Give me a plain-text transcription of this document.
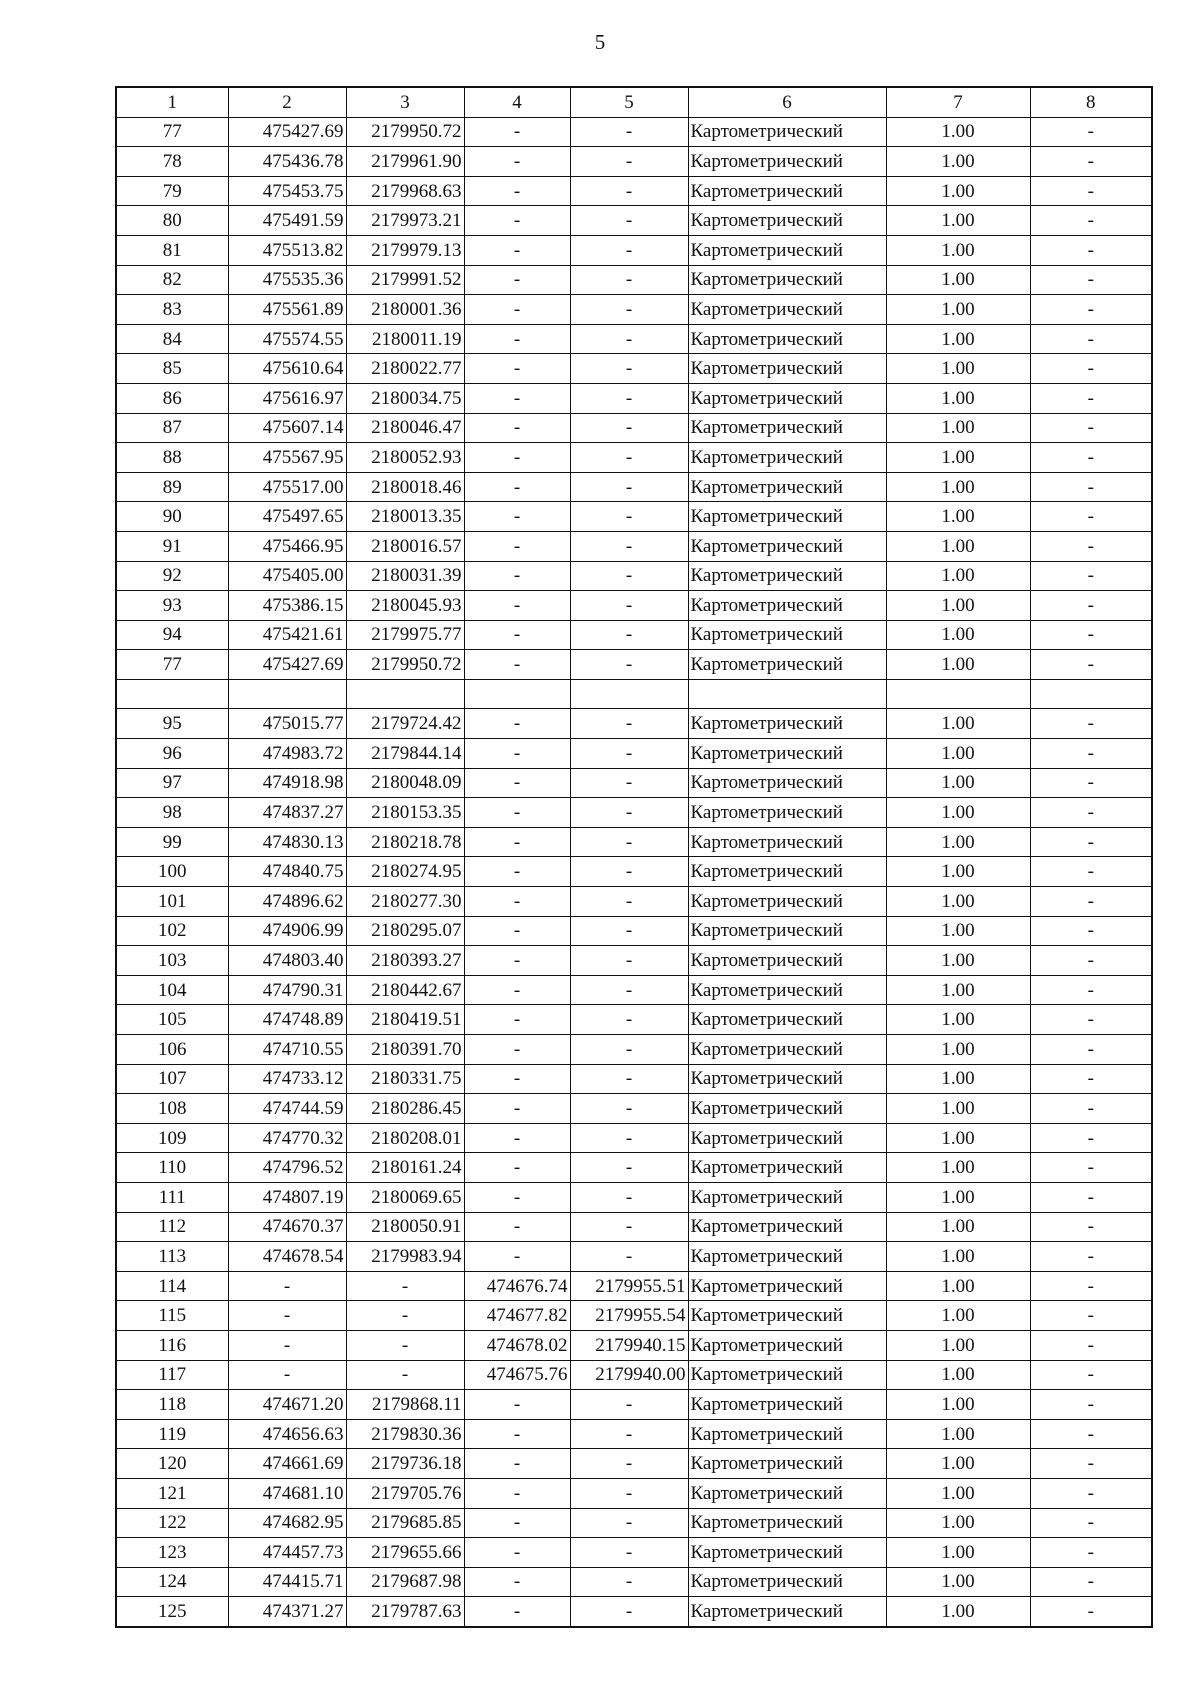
5
1	2	3	4	5	6	7	8
77	475427.69	2179950.72	-	-	Картометрический	1.00	-
78	475436.78	2179961.90	-	-	Картометрический	1.00	-
79	475453.75	2179968.63	-	-	Картометрический	1.00	-
80	475491.59	2179973.21	-	-	Картометрический	1.00	-
81	475513.82	2179979.13	-	-	Картометрический	1.00	-
82	475535.36	2179991.52	-	-	Картометрический	1.00	-
83	475561.89	2180001.36	-	-	Картометрический	1.00	-
84	475574.55	2180011.19	-	-	Картометрический	1.00	-
85	475610.64	2180022.77	-	-	Картометрический	1.00	-
86	475616.97	2180034.75	-	-	Картометрический	1.00	-
87	475607.14	2180046.47	-	-	Картометрический	1.00	-
88	475567.95	2180052.93	-	-	Картометрический	1.00	-
89	475517.00	2180018.46	-	-	Картометрический	1.00	-
90	475497.65	2180013.35	-	-	Картометрический	1.00	-
91	475466.95	2180016.57	-	-	Картометрический	1.00	-
92	475405.00	2180031.39	-	-	Картометрический	1.00	-
93	475386.15	2180045.93	-	-	Картометрический	1.00	-
94	475421.61	2179975.77	-	-	Картометрический	1.00	-
77	475427.69	2179950.72	-	-	Картометрический	1.00	-

95	475015.77	2179724.42	-	-	Картометрический	1.00	-
96	474983.72	2179844.14	-	-	Картометрический	1.00	-
97	474918.98	2180048.09	-	-	Картометрический	1.00	-
98	474837.27	2180153.35	-	-	Картометрический	1.00	-
99	474830.13	2180218.78	-	-	Картометрический	1.00	-
100	474840.75	2180274.95	-	-	Картометрический	1.00	-
101	474896.62	2180277.30	-	-	Картометрический	1.00	-
102	474906.99	2180295.07	-	-	Картометрический	1.00	-
103	474803.40	2180393.27	-	-	Картометрический	1.00	-
104	474790.31	2180442.67	-	-	Картометрический	1.00	-
105	474748.89	2180419.51	-	-	Картометрический	1.00	-
106	474710.55	2180391.70	-	-	Картометрический	1.00	-
107	474733.12	2180331.75	-	-	Картометрический	1.00	-
108	474744.59	2180286.45	-	-	Картометрический	1.00	-
109	474770.32	2180208.01	-	-	Картометрический	1.00	-
110	474796.52	2180161.24	-	-	Картометрический	1.00	-
111	474807.19	2180069.65	-	-	Картометрический	1.00	-
112	474670.37	2180050.91	-	-	Картометрический	1.00	-
113	474678.54	2179983.94	-	-	Картометрический	1.00	-
114	-	-	474676.74	2179955.51	Картометрический	1.00	-
115	-	-	474677.82	2179955.54	Картометрический	1.00	-
116	-	-	474678.02	2179940.15	Картометрический	1.00	-
117	-	-	474675.76	2179940.00	Картометрический	1.00	-
118	474671.20	2179868.11	-	-	Картометрический	1.00	-
119	474656.63	2179830.36	-	-	Картометрический	1.00	-
120	474661.69	2179736.18	-	-	Картометрический	1.00	-
121	474681.10	2179705.76	-	-	Картометрический	1.00	-
122	474682.95	2179685.85	-	-	Картометрический	1.00	-
123	474457.73	2179655.66	-	-	Картометрический	1.00	-
124	474415.71	2179687.98	-	-	Картометрический	1.00	-
125	474371.27	2179787.63	-	-	Картометрический	1.00	-
